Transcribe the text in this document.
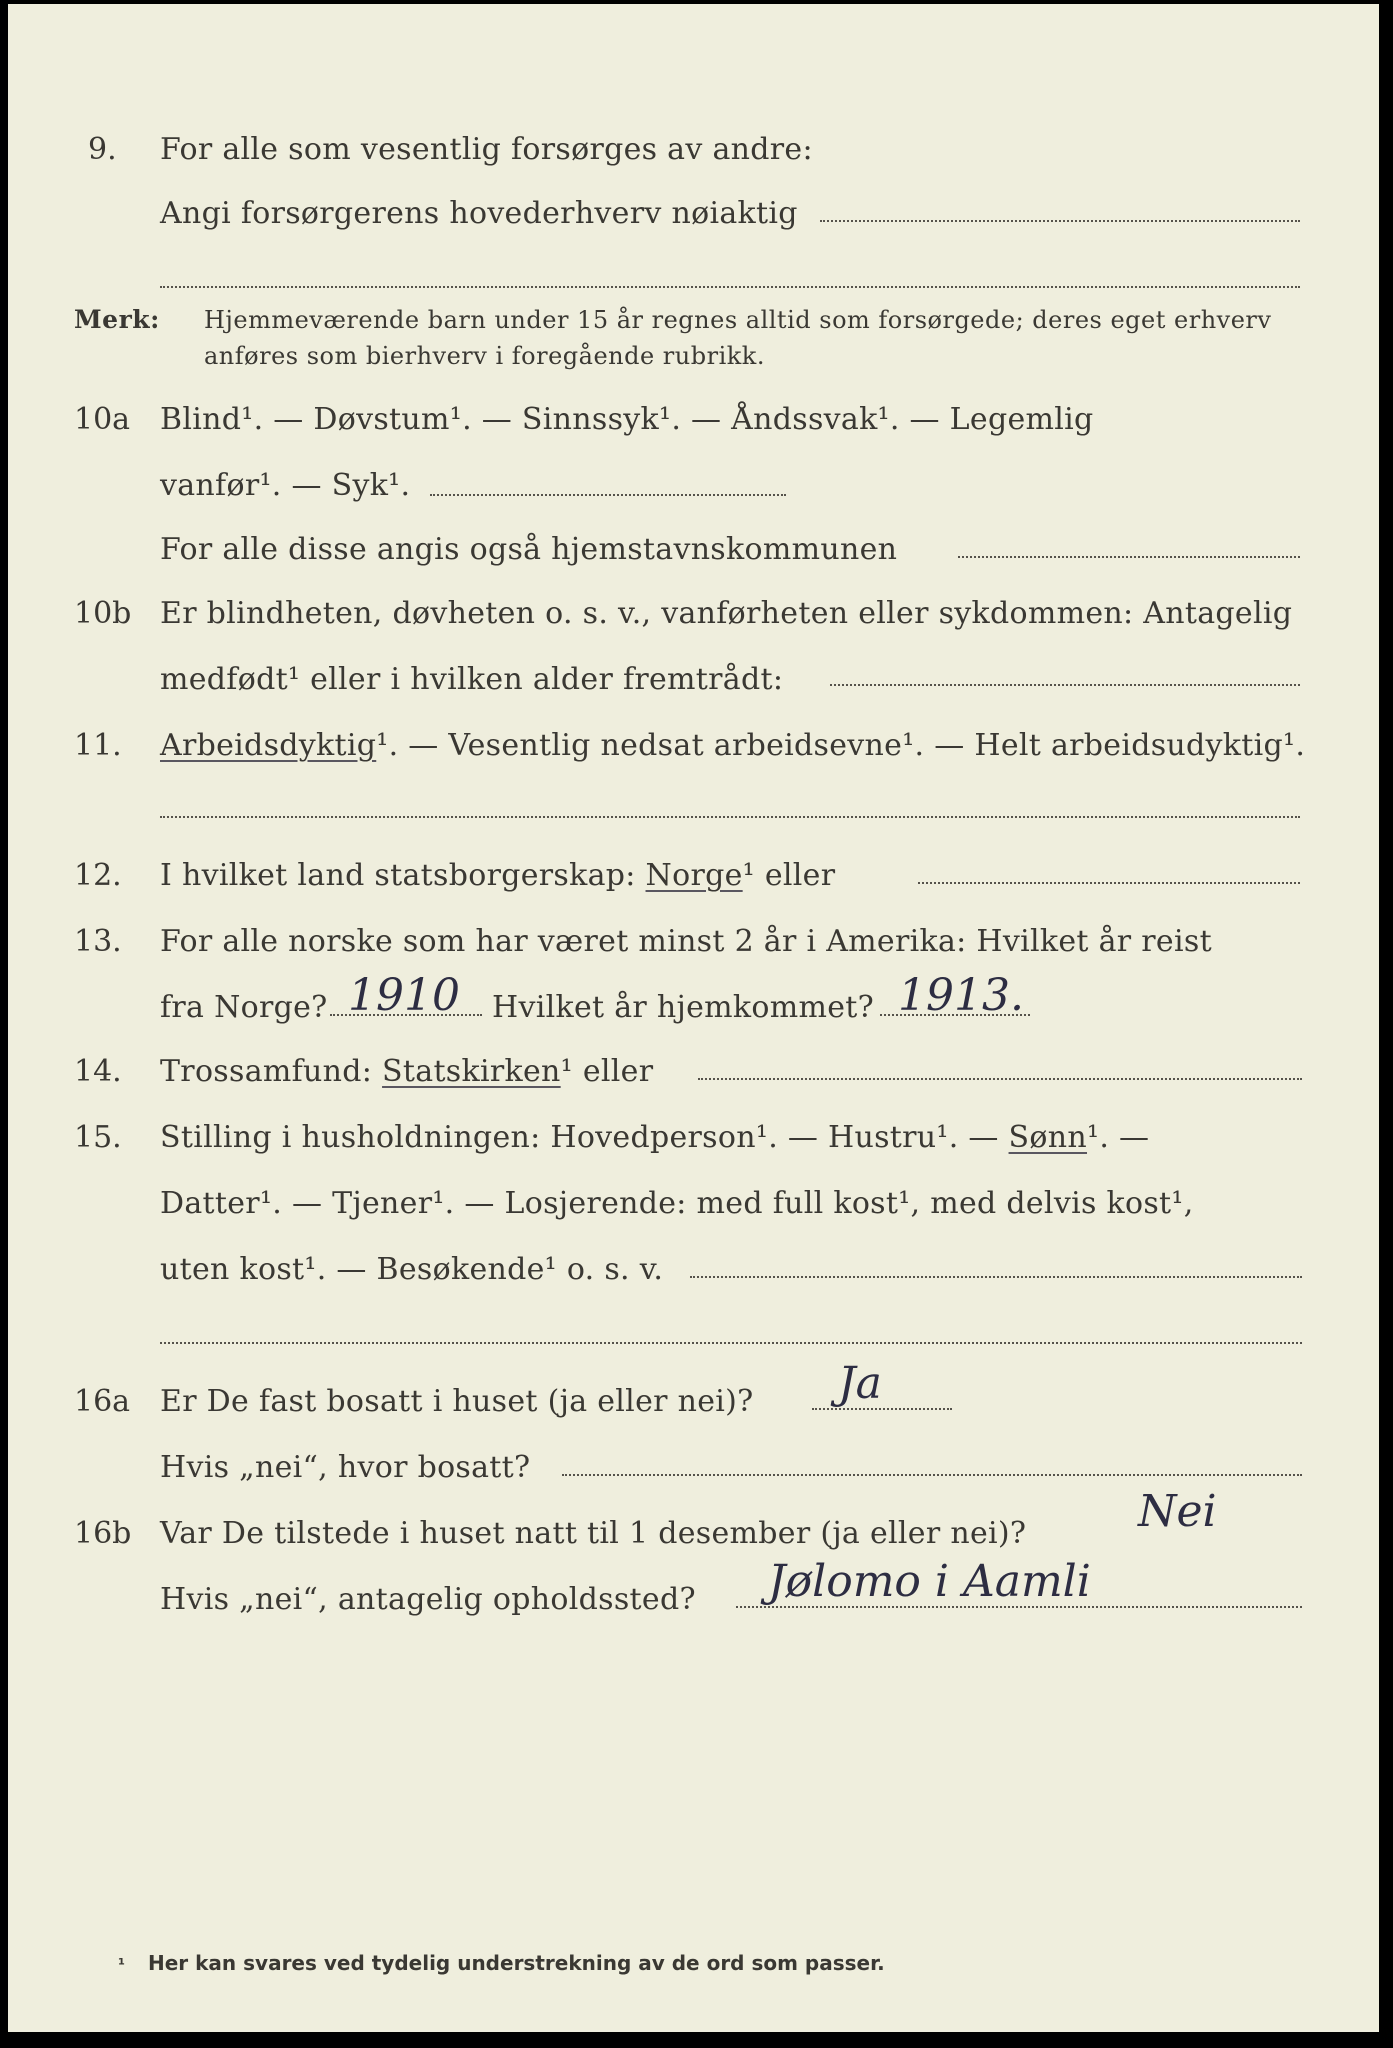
9. For alle som vesentlig forsørges av andre:
Angi forsørgerens hovederhverv nøiaktig
Merk: Hjemmeværende barn under 15 år regnes alltid som forsørgede; deres eget erhverv
anføres som bierhverv i foregående rubrikk.
10a Blind¹. — Døvstum¹. — Sinnssyk¹. — Åndssvak¹. — Legemlig
vanfør¹. — Syk¹.
For alle disse angis også hjemstavnskommunen
10b Er blindheten, døvheten o. s. v., vanførheten eller sykdommen: Antagelig
medfødt¹ eller i hvilken alder fremtrådt:
11. Arbeidsdyktig¹. — Vesentlig nedsat arbeidsevne¹. — Helt arbeidsudyktig¹.
12. I hvilket land statsborgerskap: Norge¹ eller
13. For alle norske som har været minst 2 år i Amerika: Hvilket år reist
fra Norge? 1910 Hvilket år hjemkommet? 1913.
14. Trossamfund: Statskirken¹ eller
15. Stilling i husholdningen: Hovedperson¹. — Hustru¹. — Sønn¹. —
Datter¹. — Tjener¹. — Losjerende: med full kost¹, med delvis kost¹,
uten kost¹. — Besøkende¹ o. s. v.
16a Er De fast bosatt i huset (ja eller nei)? Ja
Hvis „nei“, hvor bosatt?
16b Var De tilstede i huset natt til 1 desember (ja eller nei)?	Nei
Hvis „nei“, antagelig opholdssted? Jølomo i Aamli
¹ Her kan svares ved tydelig understrekning av de ord som passer.
